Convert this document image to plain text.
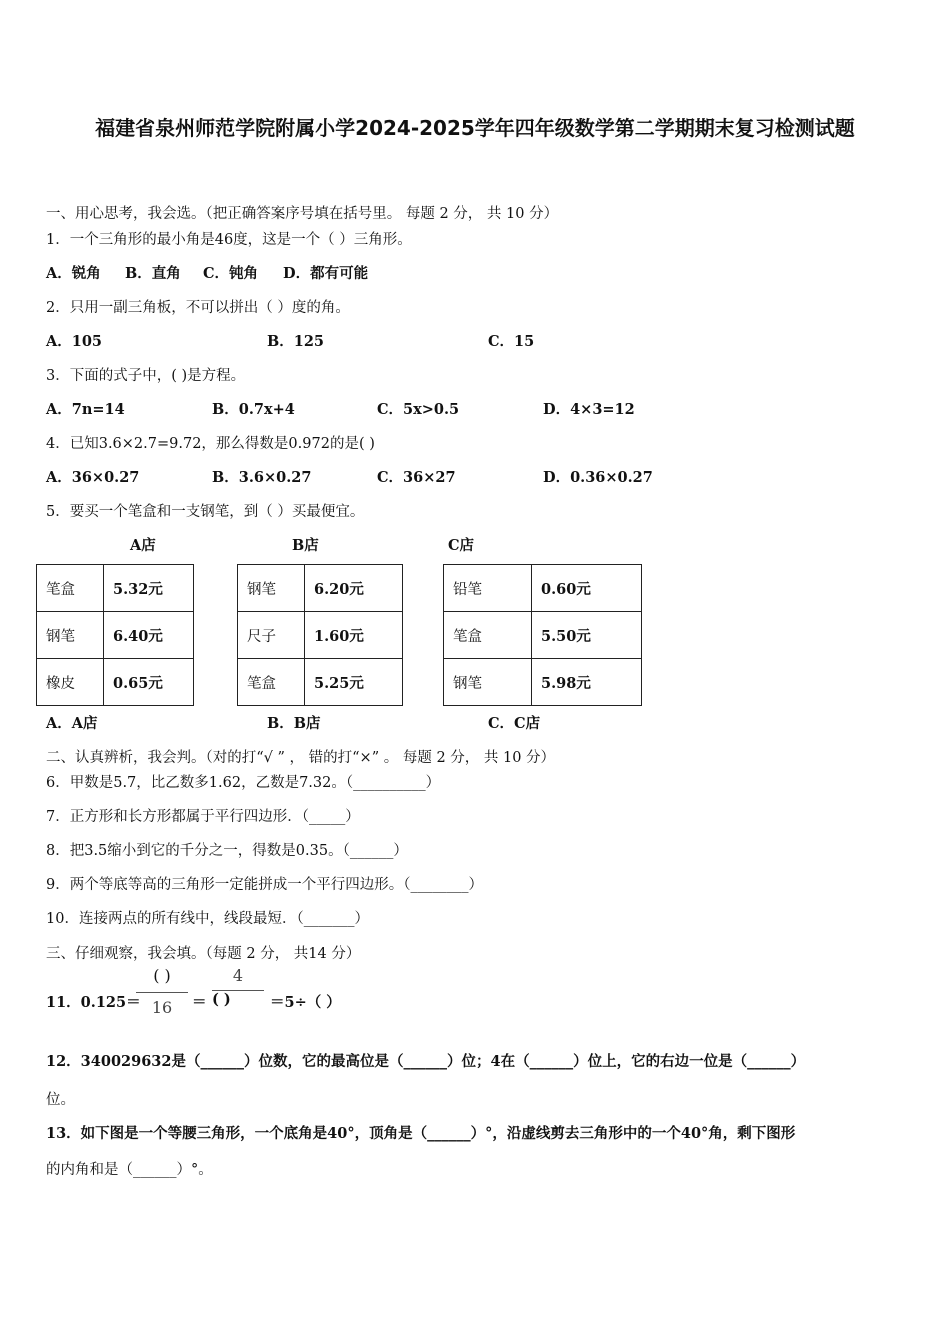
福建省泉州师范学院附属小学2024-2025学年四年级数学第二学期期末复习检测试题
一、用心思考，我会选。（把正确答案序号填在括号里。 每题 2 分， 共 10 分）
1．一个三角形的最小角是46度，这是一个（ ）三角形。
A．锐角 B．直角 C．钝角 D．都有可能
2．只用一副三角板，不可以拼出（ ）度的角。
A．105	B．125	C．15
3．下面的式子中，( )是方程。
A．7n=14	B．0.7x+4	C．5x>0.5	D．4×3=12
4．已知3.6×2.7=9.72，那么得数是0.972的是( )
A．36×0.27	B．3.6×0.27	C．36×27	D．0.36×0.27
5．要买一个笔盒和一支钢笔，到（ ）买最便宜。
A店	B店	C店
笔盒	5.32元
钢笔	6.40元
橡皮	0.65元
钢笔	6.20元
尺子	1.60元
笔盒	5.25元
铅笔	0.60元
笔盒	5.50元
钢笔	5.98元
A．A店	B．B店	C．C店
二、认真辨析，我会判。（对的打“√ ” ， 错的打“×” 。 每题 2 分， 共 10 分）
6．甲数是5.7，比乙数多1.62，乙数是7.32。（__________）
7．正方形和长方形都属于平行四边形．（_____）
8．把3.5缩小到它的千分之一，得数是0.35。（______）
9．两个等底等高的三角形一定能拼成一个平行四边形。（________）
10．连接两点的所有线中，线段最短．（_______）
三、仔细观察，我会填。（每题 2 分， 共14 分）
11．0.125＝
( )
16	＝
4
( )	＝5÷（ ）
12．340029632是（______）位数，它的最高位是（______）位；4在（______）位上，它的右边一位是（______）
位。
13．如下图是一个等腰三角形，一个底角是40°，顶角是（______）°，沿虚线剪去三角形中的一个40°角，剩下图形
的内角和是（______）°。
